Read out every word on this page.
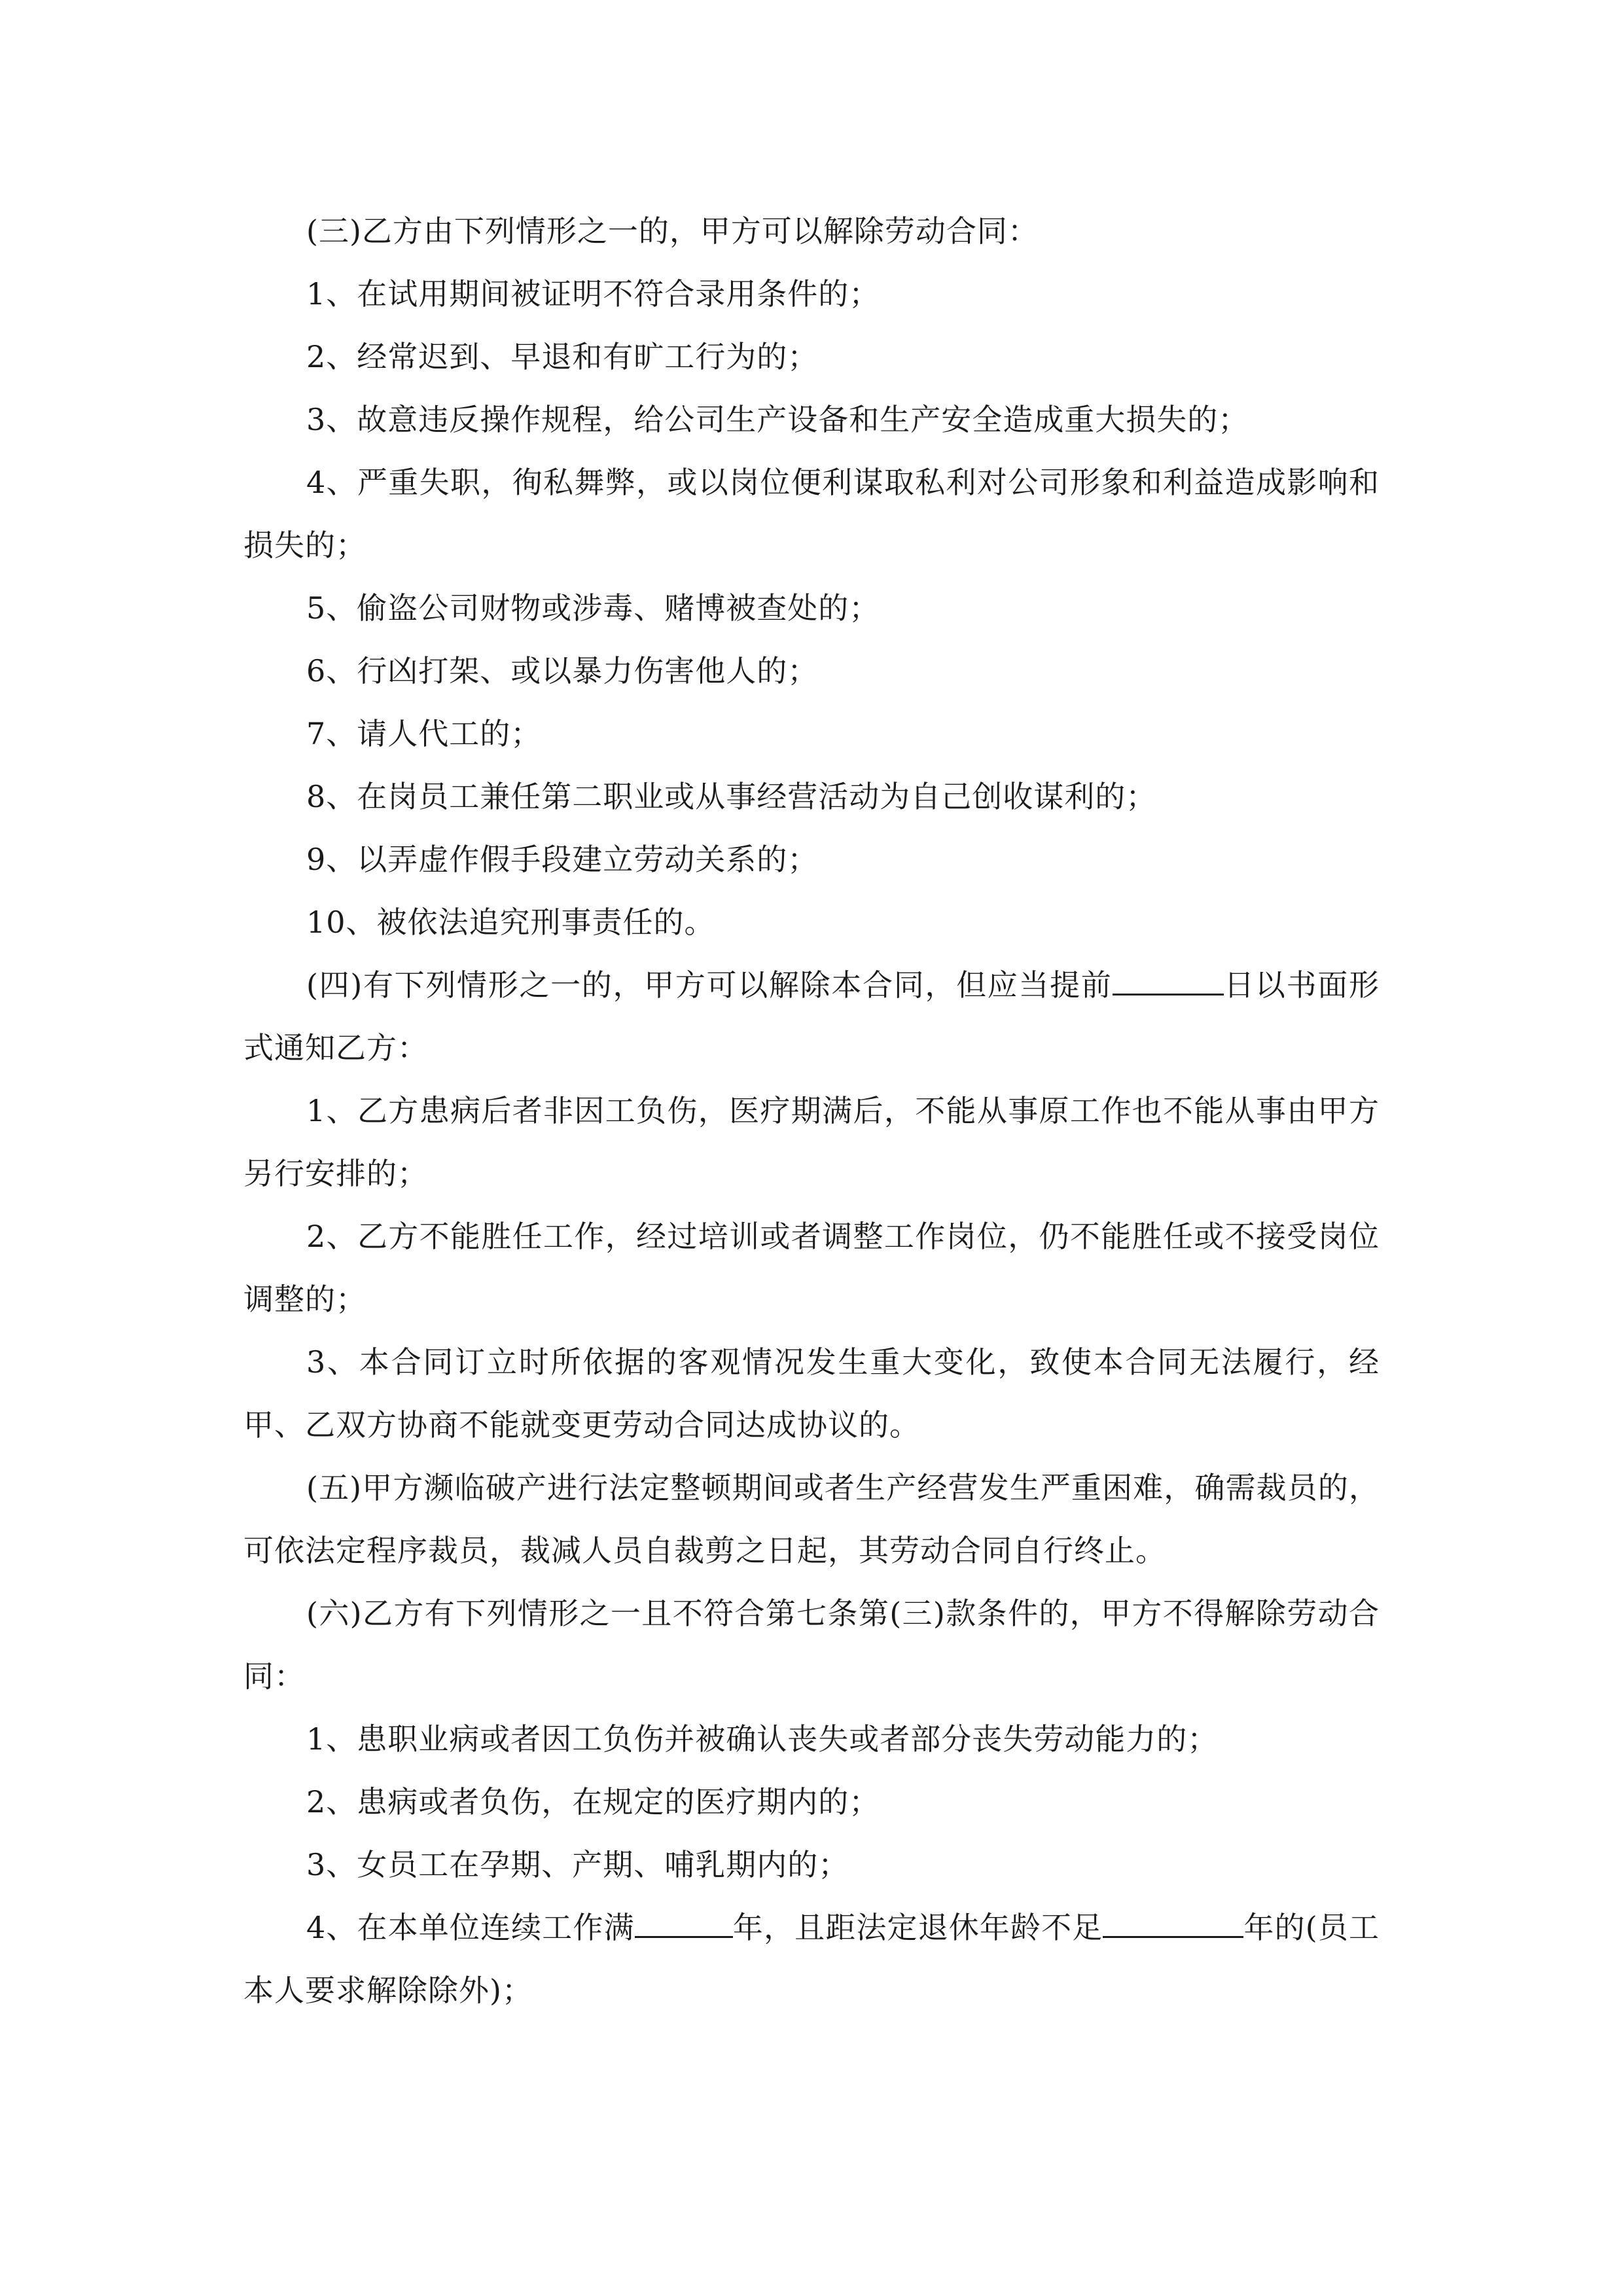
(三)乙方由下列情形之一的，甲方可以解除劳动合同：

1、在试用期间被证明不符合录用条件的；

2、经常迟到、早退和有旷工行为的；

3、故意违反操作规程，给公司生产设备和生产安全造成重大损失的；

4、严重失职，徇私舞弊，或以岗位便利谋取私利对公司形象和利益造成影响和损失的；

5、偷盗公司财物或涉毒、赌博被查处的；

6、行凶打架、或以暴力伤害他人的；

7、请人代工的；

8、在岗员工兼任第二职业或从事经营活动为自己创收谋利的；

9、以弄虚作假手段建立劳动关系的；

10、被依法追究刑事责任的。

(四)有下列情形之一的，甲方可以解除本合同，但应当提前	日以书面形式通知乙方：

1、乙方患病后者非因工负伤，医疗期满后，不能从事原工作也不能从事由甲方另行安排的；

2、乙方不能胜任工作，经过培训或者调整工作岗位，仍不能胜任或不接受岗位调整的；

3、本合同订立时所依据的客观情况发生重大变化，致使本合同无法履行，经甲、乙双方协商不能就变更劳动合同达成协议的。

(五)甲方濒临破产进行法定整顿期间或者生产经营发生严重困难，确需裁员的，可依法定程序裁员，裁减人员自裁剪之日起，其劳动合同自行终止。

(六)乙方有下列情形之一且不符合第七条第(三)款条件的，甲方不得解除劳动合同：

1、患职业病或者因工负伤并被确认丧失或者部分丧失劳动能力的；

2、患病或者负伤，在规定的医疗期内的；

3、女员工在孕期、产期、哺乳期内的；

4、在本单位连续工作满	年，且距法定退休年龄不足	年的(员工本人要求解除除外)；
